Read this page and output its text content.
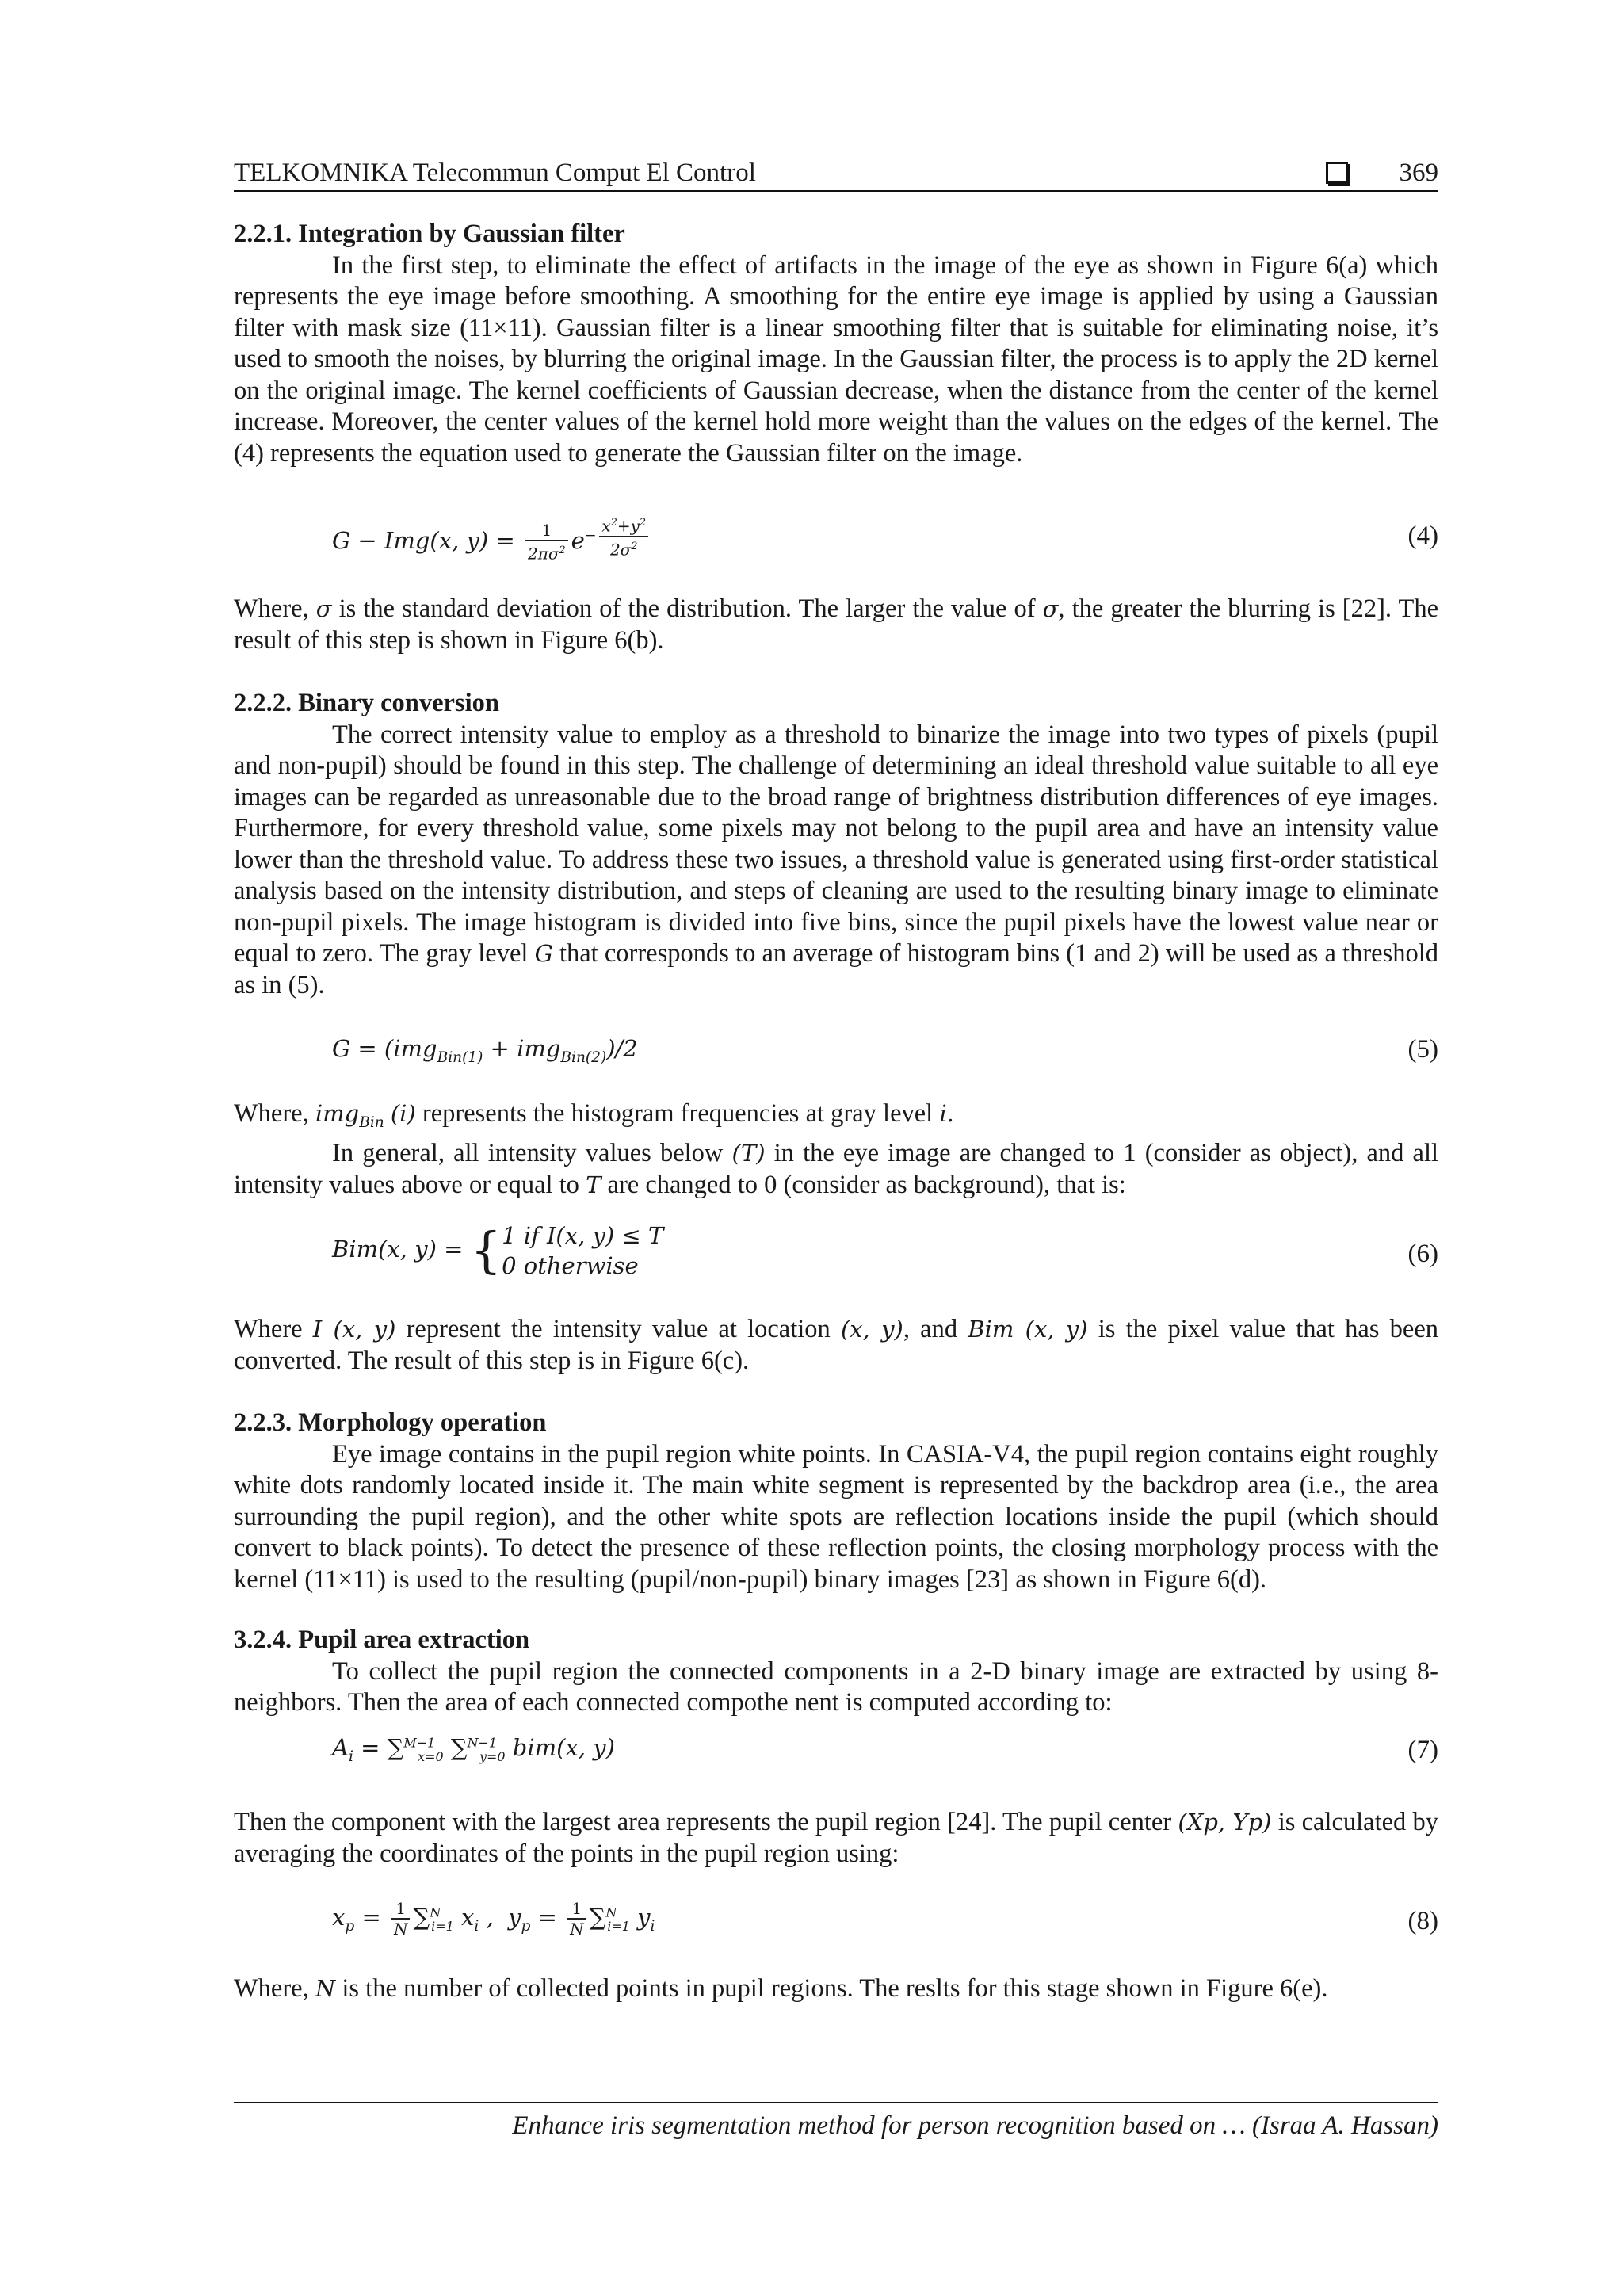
TELKOMNIKA Telecommun Comput El Control	369
2.2.1. Integration by Gaussian filter
In the first step, to eliminate the effect of artifacts in the image of the eye as shown in Figure 6(a) which represents the eye image before smoothing. A smoothing for the entire eye image is applied by using a Gaussian filter with mask size (11×11). Gaussian filter is a linear smoothing filter that is suitable for eliminating noise, it’s used to smooth the noises, by blurring the original image. In the Gaussian filter, the process is to apply the 2D kernel on the original image. The kernel coefficients of Gaussian decrease, when the distance from the center of the kernel increase. Moreover, the center values of the kernel hold more weight than the values on the edges of the kernel. The (4) represents the equation used to generate the Gaussian filter on the image.
G − Img(x, $y) = \frac{1}{2\pi\sigma^2} e^{- \frac{x^2+y^2}{2\sigma^2}}$	(4)
Where, σ is the standard deviation of the distribution. The larger the value of σ, the greater the blurring is [22]. The result of this step is shown in Figure 6(b).
2.2.2. Binary conversion
The correct intensity value to employ as a threshold to binarize the image into two types of pixels (pupil and non-pupil) should be found in this step. The challenge of determining an ideal threshold value suitable to all eye images can be regarded as unreasonable due to the broad range of brightness distribution differences of eye images. Furthermore, for every threshold value, some pixels may not belong to the pupil area and have an intensity value lower than the threshold value. To address these two issues, a threshold value is generated using first-order statistical analysis based on the intensity distribution, and steps of cleaning are used to the resulting binary image to eliminate non-pupil pixels. The image histogram is divided into five bins, since the pupil pixels have the lowest value near or equal to zero. The gray level G that corresponds to an average of histogram bins (1 and 2) will be used as a threshold as in (5).
G = (img$_{Bin(1)}$ + img$_{Bin(2)}$)/2	(5)
Where, img$_{Bin}$ (i) represents the histogram frequencies at gray level i.
In general, all intensity values below (T) in the eye image are changed to 1 (consider as object), and all intensity values above or equal to T are changed to 0 (consider as background), that is:
Bim(x, y) = { 1 if I(x, y) ≤ T
0 otherwise	(6)
Where I (x, y) represent the intensity value at location (x, y), and Bim (x, y) is the pixel value that has been converted. The result of this step is in Figure 6(c).
2.2.3. Morphology operation
Eye image contains in the pupil region white points. In CASIA-V4, the pupil region contains eight roughly white dots randomly located inside it. The main white segment is represented by the backdrop area (i.e., the area surrounding the pupil region), and the other white spots are reflection locations inside the pupil (which should convert to black points). To detect the presence of these reflection points, the closing morphology process with the kernel (11×11) is used to the resulting (pupil/non-pupil) binary images [23] as shown in Figure 6(d).
3.2.4. Pupil area extraction
To collect the pupil region the connected components in a 2-D binary image are extracted by using 8-neighbors. Then the area of each connected compothe nent is computed according to:
$A_i = \sum^{M-1}_{x=0}$ ∑$^{N-1}_{y=0}$ bim(x, y)	(7)
Then the component with the largest area represents the pupil region [24]. The pupil center (Xp, Yp) is calculated by averaging the coordinates of the points in the pupil region using:
$x_p = \frac{1}{N} \sum^N_{i=1}$ $x_i$ ,  $y_p = \frac{1}{N} \sum^N_{i=1}$ $y_i$	(8)
Where, N is the number of collected points in pupil regions. The reslts for this stage shown in Figure 6(e).
Enhance iris segmentation method for person recognition based on … (Israa A. Hassan)
